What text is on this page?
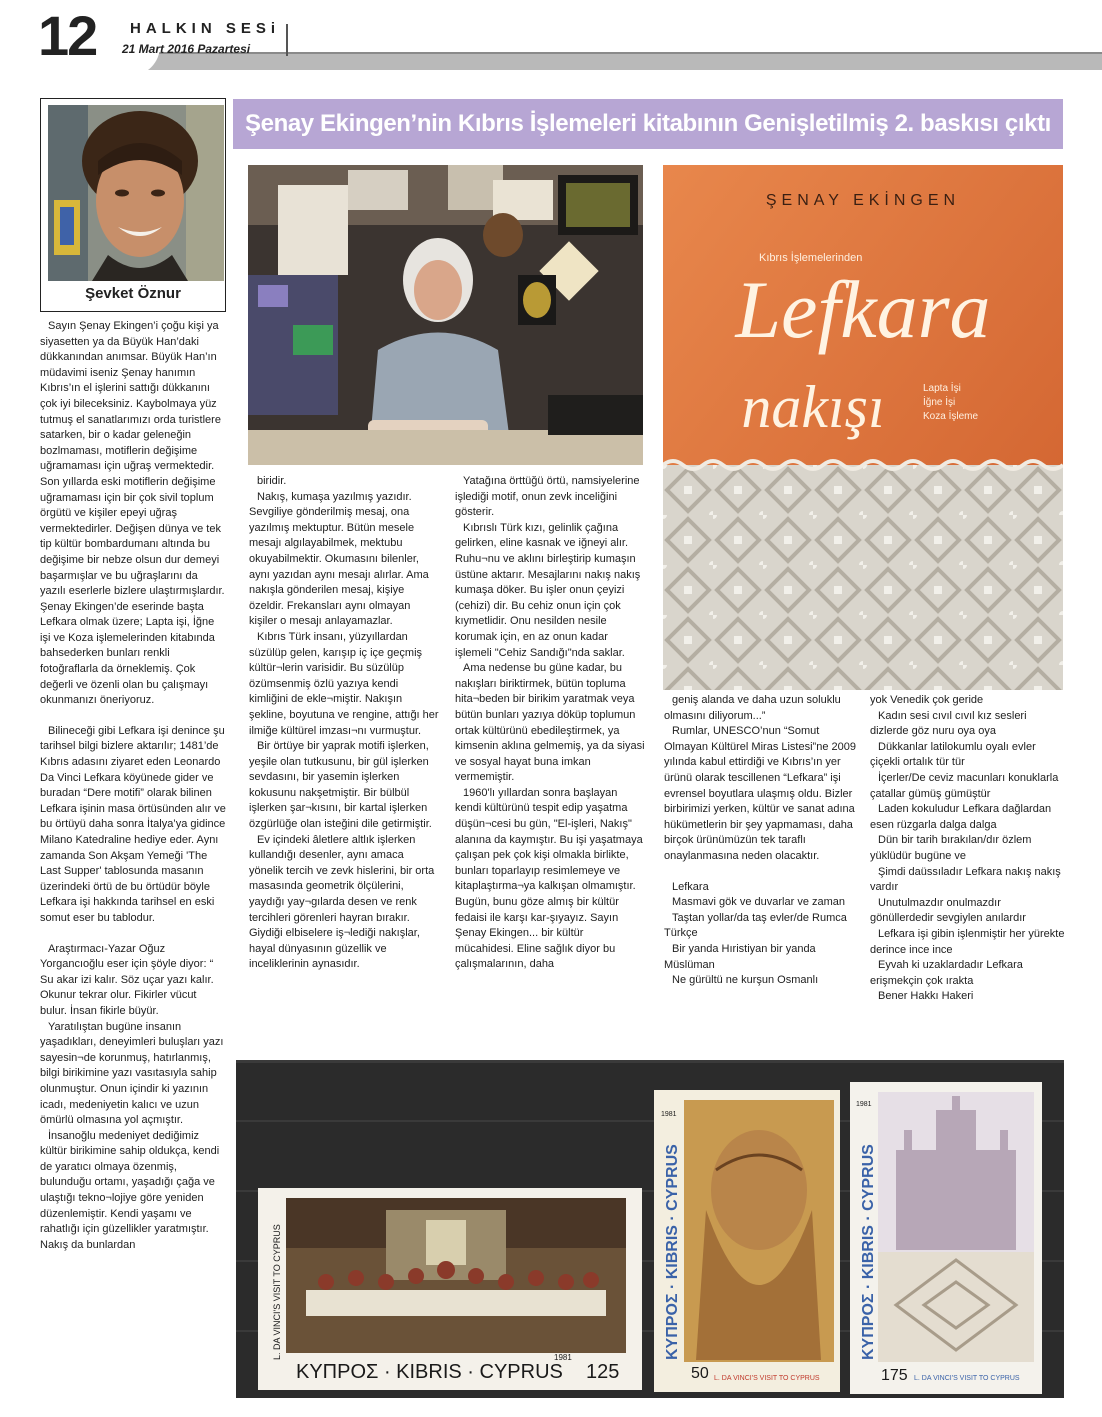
12 HALKIN SESi
21 Mart 2016 Pazartesi
Şenay Ekingen’nin Kıbrıs İşlemeleri kitabının Genişletilmiş 2. baskısı çıktı
Şevket Öznur

Sayın Şenay Ekingen’i çoğu kişi ya siyasetten ya da Büyük Han’daki dükkanından anımsar. Büyük Han’ın müdavimi iseniz Şenay hanımın Kıbrıs’ın el işlerini sattığı dükkanını çok iyi bileceksiniz. Kaybolmaya yüz tutmuş el sanatlarımızı orda turistlere satarken, bir o kadar geleneğin bozlmaması, motiflerin değişime uğramaması için uğraş vermektedir. Son yıllarda eski motiflerin değişime uğramaması için bir çok sivil toplum örgütü ve kişiler epeyi uğraş vermektedirler. Değişen dünya ve tek tip kültür bombardumanı altında bu değişime bir nebze olsun dur demeyi başarmışlar ve bu uğraşlarını da yazılı eserlerle bizlere ulaştırmışlardır. Şenay Ekingen’de eserinde başta Lefkara olmak üzere; Lapta işi, İğne işi ve Koza işlemelerinden kitabında bahsederken bunları renkli fotoğraflarla da örneklemiş. Çok değerli ve özenli olan bu çalışmayı okunmanızı öneriyoruz.

Bilineceği gibi Lefkara işi denince şu tarihsel bilgi bizlere aktarılır; 1481’de Kıbrıs adasını ziyaret eden Leonardo Da Vinci Lefkara köyünede gider ve buradan “Dere motifi” olarak bilinen Lefkara işinin masa örtüsünden alır ve bu örtüyü daha sonra İtalya’ya gidince Milano Katedraline hediye eder. Aynı zamanda Son Akşam Yemeği 'The Last Supper' tablosunda masanın üzerindeki örtü de bu örtüdür böyle Lefkara işi hakkında tarihsel en eski somut eser bu tablodur.

Araştırmacı-Yazar Oğuz Yorgancıoğlu eser için şöyle diyor: “ Su akar izi kalır. Söz uçar yazı kalır. Okunur tekrar olur. Fikirler vücut bulur. İnsan fikirle büyür.

Yaratılıştan bugüne insanın yaşadıkları, deneyimleri buluşları yazı sayesin¬de korunmuş, hatırlanmış, bilgi birikimine yazı vasıtasıyla sahip olunmuştur. Onun içindir ki yazının icadı, medeniyetin kalıcı ve uzun ömürlü olmasına yol açmıştır.

İnsanoğlu medeniyet dediğimiz kültür birikimine sahip oldukça, kendi de yaratıcı olmaya özenmiş, bulunduğu ortamı, yaşadığı çağa ve ulaştığı tekno¬lojiye göre yeniden düzenlemiştir. Kendi yaşamı ve rahatlığı için güzellikler yaratmıştır. Nakış da bunlardan

ŞENAY EKİNGEN
Kıbrıs İşlemelerinden
Lefkara
nakışı	Lapta İşi
İğne İşi
Koza İşleme

biridir.

Nakış, kumaşa yazılmış yazıdır. Sevgiliye gönderilmiş mesaj, ona yazılmış mektuptur. Bütün mesele mesajı algılayabilmek, mektubu okuyabilmektir. Okumasını bilenler, aynı yazıdan aynı mesajı alırlar. Ama nakışla gönderilen mesaj, kişiye özeldir. Frekansları aynı olmayan kişiler o mesajı anlayamazlar.

Kıbrıs Türk insanı, yüzyıllardan süzülüp gelen, karışıp iç içe geçmiş kültür¬lerin varisidir. Bu süzülüp özümsenmiş özlü yazıya kendi kimliğini de ekle¬miştir. Nakışın şekline, boyutuna ve rengine, attığı her ilmiğe kültürel imzası¬nı vurmuştur.

Bir örtüye bir yaprak motifi işlerken, yeşile olan tutkusunu, bir gül işlerken sevdasını, bir yasemin işlerken kokusunu nakşetmiştir. Bir bülbül işlerken şar¬kısını, bir kartal işlerken özgürlüğe olan isteğini dile getirmiştir.

Ev içindeki âletlere altlık işlerken kullandığı desenler, aynı amaca yönelik tercih ve zevk hislerini, bir orta masasında geometrik ölçülerini, yaydığı yay¬gılarda desen ve renk tercihleri görenleri hayran bırakır. Giydiği elbiselere iş¬lediği nakışlar, hayal dünyasının güzellik ve inceliklerinin aynasıdır.

Yatağına örttüğü örtü, namsiyelerine işlediği motif, onun zevk inceliğini gösterir.

Kıbrıslı Türk kızı, gelinlik çağına gelirken, eline kasnak ve iğneyi alır. Ruhu¬nu ve aklını birleştirip kumaşın üstüne aktarır. Mesajlarını nakış nakış kumaşa döker. Bu işler onun çeyizi (cehizi) dir. Bu cehiz onun için çok kıymetlidir. Onu nesilden nesile korumak için, en az onun kadar işlemeli "Cehiz Sandığı"nda saklar.

Ama nedense bu güne kadar, bu nakışları biriktirmek, bütün topluma hita¬beden bir birikim yaratmak veya bütün bunları yazıya döküp toplumun ortak kültürünü ebedileştirmek, ya kimsenin aklına gelmemiş, ya da siyasi ve sosyal hayat buna imkan vermemiştir.

1960'lı yıllardan sonra başlayan kendi kültürünü tespit edip yaşatma düşün¬cesi bu gün, "El-işleri, Nakış" alanına da kaymıştır. Bu işi yaşatmaya çalışan pek çok kişi olmakla birlikte, bunları toparlayıp resimlemeye ve kitaplaştırma¬ya kalkışan olmamıştır. Bugün, bunu göze almış bir kültür fedaisi ile karşı kar-şıyayız. Sayın Şenay Ekingen... bir kültür mücahidesi. Eline sağlık diyor bu çalışmalarının, daha

geniş alanda ve daha uzun soluklu olmasını diliyorum...”

Rumlar, UNESCO’nun “Somut Olmayan Kültürel Miras Listesi”ne 2009 yılında kabul ettirdiği ve Kıbrıs’ın yer ürünü olarak tescillenen “Lefkara” işi evrensel boyutlara ulaşmış oldu. Bizler birbirimizi yerken, kültür ve sanat adına hükümetlerin bir şey yapmaması, daha birçok ürünümüzün tek taraflı onaylanmasına neden olacaktır.

Lefkara

Masmavi gök ve duvarlar ve zaman

Taştan yollar/da taş evler/de Rumca Türkçe

Bir yanda Hıristiyan bir yanda Müslüman

Ne gürültü ne kurşun Osmanlı

yok Venedik çok geride

Kadın sesi cıvıl cıvıl kız sesleri dizlerde göz nuru oya oya

Dükkanlar latilokumlu oyalı evler çiçekli ortalık tür tür

İçerler/De ceviz macunları konuklarla çatallar gümüş gümüştür

Laden kokuludur Lefkara dağlardan esen rüzgarla dalga dalga

Dün bir tarih bırakılan/dır özlem yüklüdür bugüne ve

Şimdi daüssıladır Lefkara nakış nakış vardır

Unutulmazdır onulmazdır gönüllerdedir sevgiylen anılardır

Lefkara işi gibin işlenmiştir her yürekte derince ince ince

Eyvah ki uzaklardadır Lefkara erişmekçin çok ıraktа

Bener Hakkı Hakeri

ΚΥΠΡΟΣ · KIBRIS · CYPRUS 125
1981
L. DA VINCI'S VISIT TO CYPRUS	ΚΥΠΡΟΣ · KIBRIS · CYPRUS
50
1981
L. DA VINCI'S VISIT TO CYPRUS
ΚΥΠΡΟΣ · KIBRIS · CYPRUS
175
1981
L. DA VINCI'S VISIT TO CYPRUS
